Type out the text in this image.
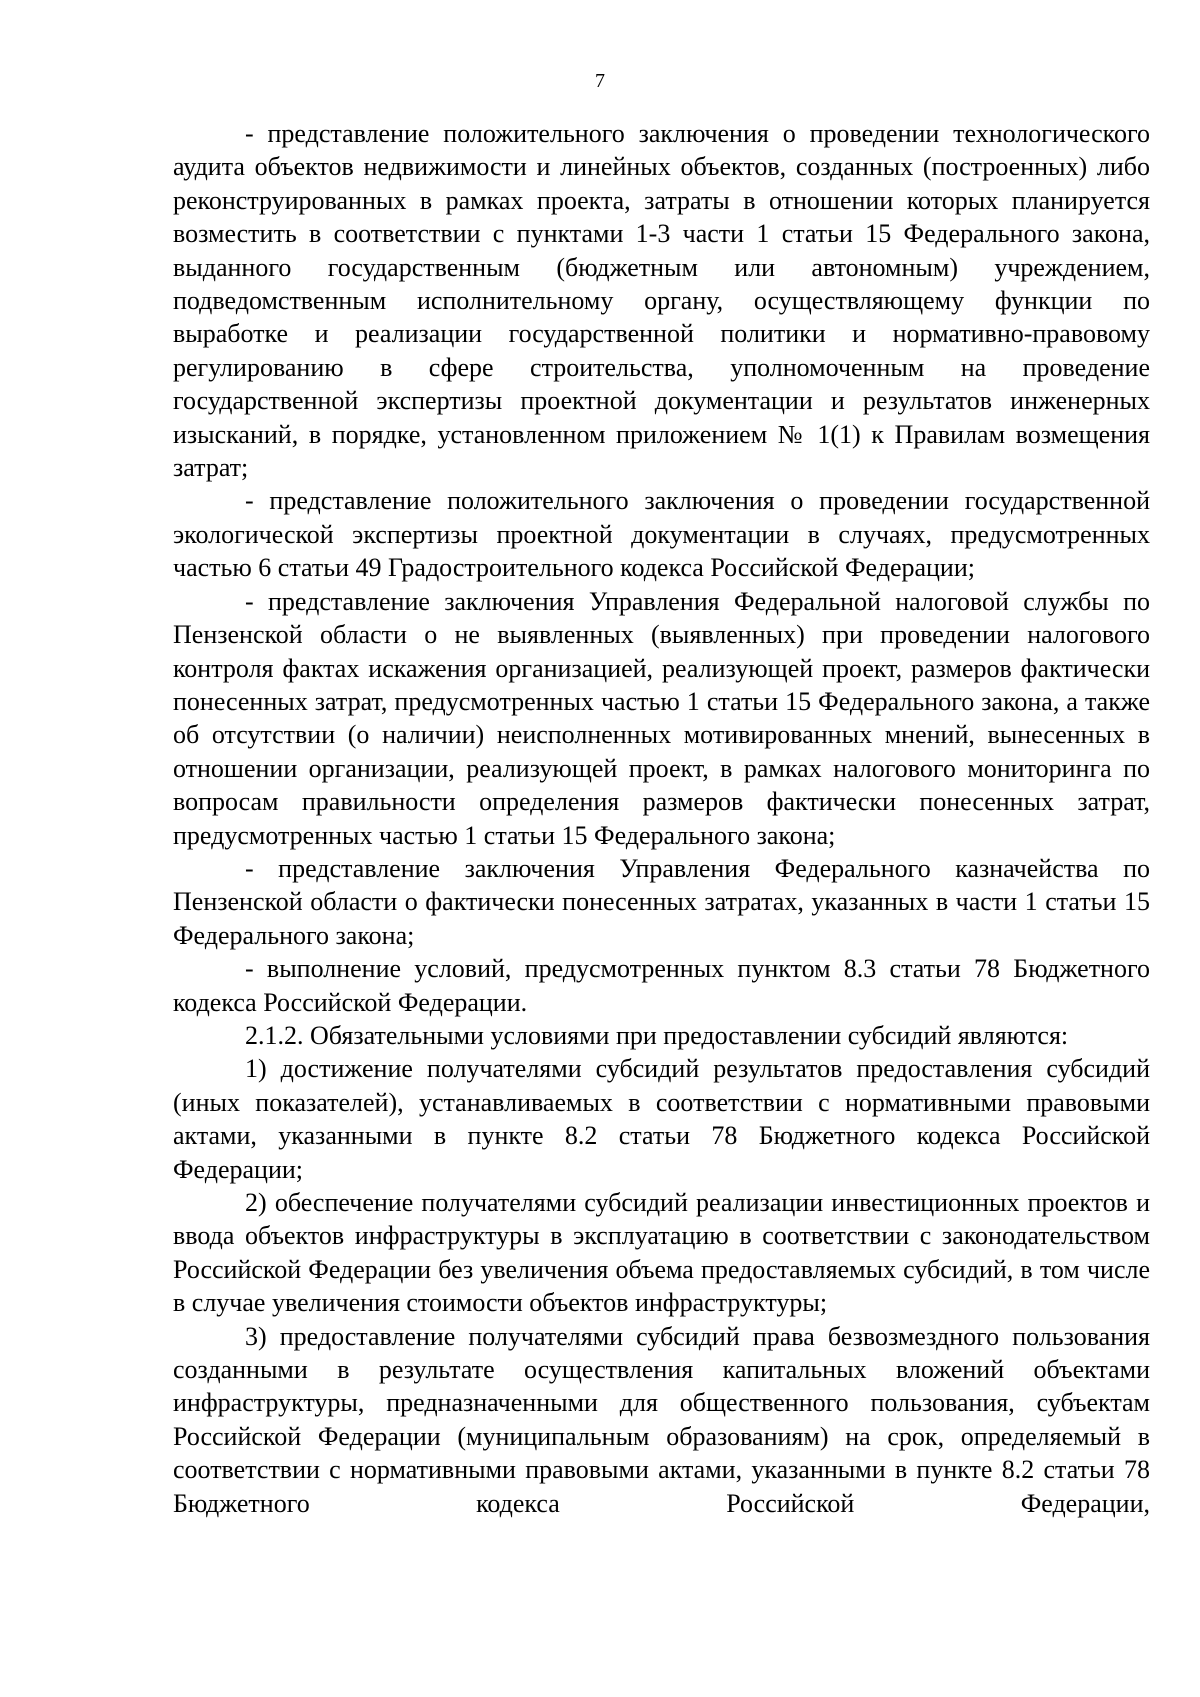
7

- представление положительного заключения о проведении технологического аудита объектов недвижимости и линейных объектов, созданных (построенных) либо реконструированных в рамках проекта, затраты в отношении которых планируется возместить в соответствии с пунктами 1-3 части 1 статьи 15 Федерального закона, выданного государственным (бюджетным или автономным) учреждением, подведомственным исполнительному органу, осуществляющему функции по выработке и реализации государственной политики и нормативно-правовому регулированию в сфере строительства, уполномоченным на проведение государственной экспертизы проектной документации и результатов инженерных изысканий, в порядке, установленном приложением № 1(1) к Правилам возмещения затрат;

- представление положительного заключения о проведении государственной экологической экспертизы проектной документации в случаях, предусмотренных частью 6 статьи 49 Градостроительного кодекса Российской Федерации;

- представление заключения Управления Федеральной налоговой службы по Пензенской области о не выявленных (выявленных) при проведении налогового контроля фактах искажения организацией, реализующей проект, размеров фактически понесенных затрат, предусмотренных частью 1 статьи 15 Федерального закона, а также об отсутствии (о наличии) неисполненных мотивированных мнений, вынесенных в отношении организации, реализующей проект, в рамках налогового мониторинга по вопросам правильности определения размеров фактически понесенных затрат, предусмотренных частью 1 статьи 15 Федерального закона;

- представление заключения Управления Федерального казначейства по Пензенской области о фактически понесенных затратах, указанных в части 1 статьи 15 Федерального закона;

- выполнение условий, предусмотренных пунктом 8.3 статьи 78 Бюджетного кодекса Российской Федерации.

2.1.2. Обязательными условиями при предоставлении субсидий являются:

1) достижение получателями субсидий результатов предоставления субсидий (иных показателей), устанавливаемых в соответствии с нормативными правовыми актами, указанными в пункте 8.2 статьи 78 Бюджетного кодекса Российской Федерации;

2) обеспечение получателями субсидий реализации инвестиционных проектов и ввода объектов инфраструктуры в эксплуатацию в соответствии с законодательством Российской Федерации без увеличения объема предоставляемых субсидий, в том числе в случае увеличения стоимости объектов инфраструктуры;

3) предоставление получателями субсидий права безвозмездного пользования созданными в результате осуществления капитальных вложений объектами инфраструктуры, предназначенными для общественного пользования, субъектам Российской Федерации (муниципальным образованиям) на срок, определяемый в соответствии с нормативными правовыми актами, указанными в пункте 8.2 статьи 78 Бюджетного кодекса Российской Федерации,
